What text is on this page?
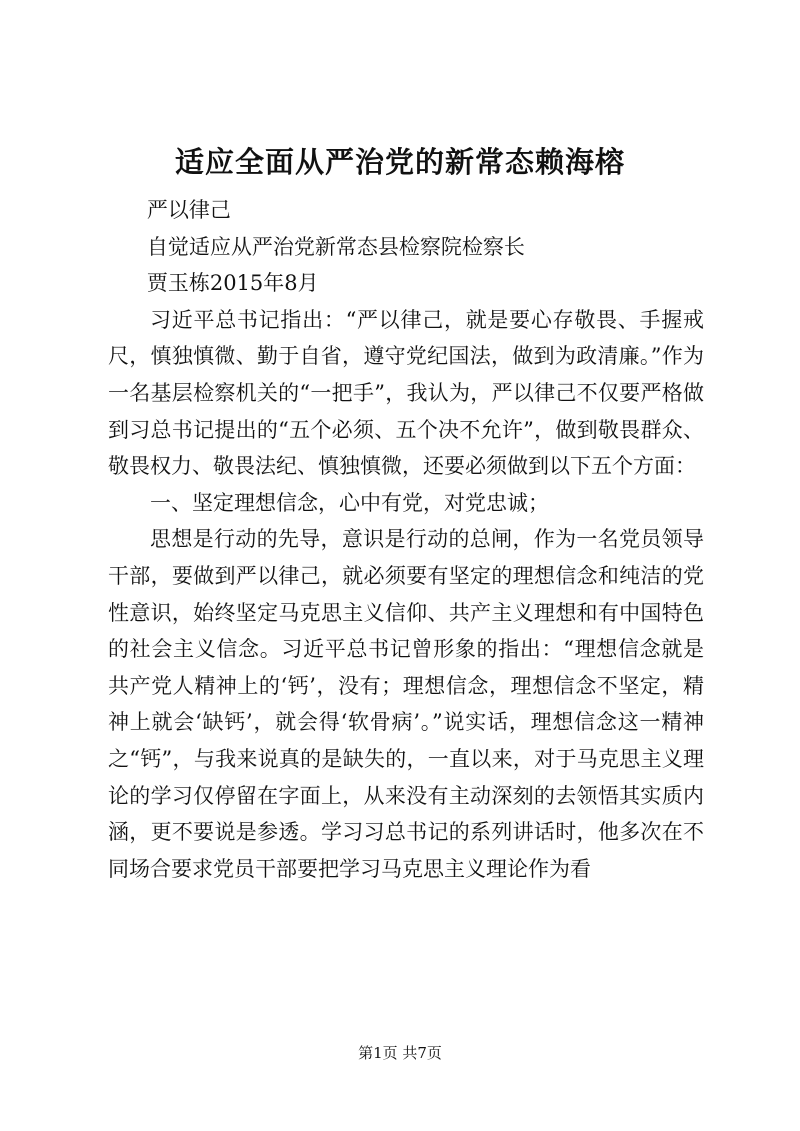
适应全面从严治党的新常态赖海榕

严以律己

自觉适应从严治党新常态县检察院检察长

贾玉栋2015年8月

习近平总书记指出：“严以律己，就是要心存敬畏、手握戒尺，慎独慎微、勤于自省，遵守党纪国法，做到为政清廉。”作为一名基层检察机关的“一把手”，我认为，严以律己不仅要严格做到习总书记提出的“五个必须、五个决不允许”，做到敬畏群众、敬畏权力、敬畏法纪、慎独慎微，还要必须做到以下五个方面：

一、坚定理想信念，心中有党，对党忠诚；

思想是行动的先导，意识是行动的总闸，作为一名党员领导干部，要做到严以律己，就必须要有坚定的理想信念和纯洁的党性意识，始终坚定马克思主义信仰、共产主义理想和有中国特色的社会主义信念。习近平总书记曾形象的指出：“理想信念就是共产党人精神上的‘钙’，没有；理想信念，理想信念不坚定，精神上就会‘缺钙’，就会得‘软骨病’。”说实话，理想信念这一精神之“钙”，与我来说真的是缺失的，一直以来，对于马克思主义理论的学习仅停留在字面上，从来没有主动深刻的去领悟其实质内涵，更不要说是参透。学习习总书记的系列讲话时，他多次在不同场合要求党员干部要把学习马克思主义理论作为看

第1页 共7页
